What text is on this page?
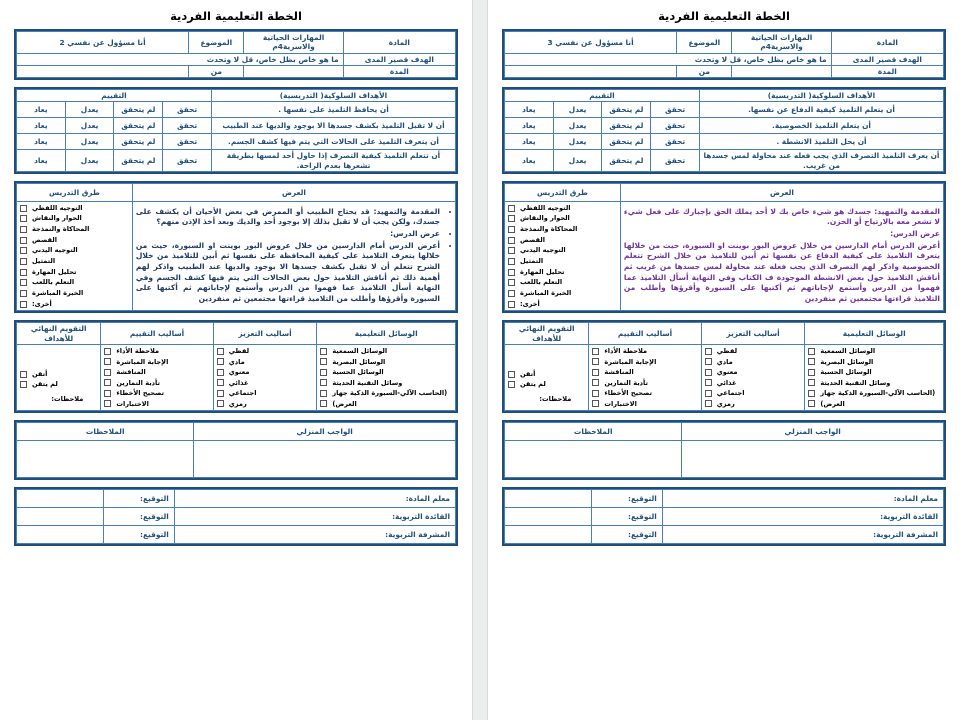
الخطة التعليمية الفردية
المادة	المهارات الحياتية والاسرية4م	الموضوع	أنا مسؤول عن نفسي 3
الهدف قصير المدى	ما هو خاص بظل خاص، قل لا وتحدث		
المدة		من	
الأهداف السلوكية( التدريسية)	التقييم			
أن يتعلم التلميذ كيفية الدفاع عن نفسها.	تحقق	لم يتحقق	يعدل	يعاد
أن يتعلم التلميذ الخصوصية.	تحقق	لم يتحقق	يعدل	يعاد
أن يحل التلميذ الانشطة .	تحقق	لم يتحقق	يعدل	يعاد
أن يعرف التلميذ التصرف الذي يجب فعله عند محاولة لمس جسدها من غريب.	تحقق	لم يتحقق	يعدل	يعاد
العرض	طرق التدريس

المقدمة والتمهيد: جسدك هو شيء خاص بك لا أحد يملك الحق بإجبارك على فعل شيء لا تشعر معه بالارتياح أو الحزن.

عرض الدرس:

أعرض الدرس أمام الدارسين من خلال عروض البور بوينت او السبورة، حيث من خلالها يتعرف التلاميذ على كيفية الدفاع عن نفسها ثم أبين للتلاميذ من خلال الشرح تتعلم الخصوصية واذكر لهم التصرف الذي يجب فعله عند محاولة لمس جسدها من غريب ثم أناقش التلاميذ حول بعض الانشطة الموجودة ف الكتاب وفي النهاية أسأل التلاميذ عما فهموا من الدرس وأستمع لإجاباتهم ثم أكتبها على السبورة وأقرؤها وأطلب من التلاميذ قراءتها مجتمعين ثم منفردين

التوجيه اللفظي
الحوار والنقاش
المحاكاة والنمذجة
القصص
التوجيه اليدني
التمثيل
تحليل المهارة
التعلم باللعب
الخبرة المباشرة
أخرى:
الوسائل التعليمية	أساليب التعزيز	أساليب التقييم	التقويم النهائي للأهداف

الوسائل السمعية
الوسائل البصرية
الوسائل الحسية
وسائل التقنية الحديثة
(الحاسب الآلي-السبورة الذكية جهاز
العرض)

لفظي
مادي
معنوي
غذائي
اجتماعي
رمزي

ملاحظة الأداء
الإجابة المباشرة
المناقشة
تأدية التمارين
تصحيح الأخطاء
الاختبارات

أتقن
لم يتقن
ملاحظات:
الواجب المنزلي	الملاحظات

معلم المادة:	التوقيع:	
القائدة التربوية:	التوقيع:	
المشرفة التربوية:	التوقيع:	
الخطة التعليمية الفردية
المادة	المهارات الحياتية والاسرية4م	الموضوع	أنا مسؤول عن نفسي 2
الهدف قصير المدى	ما هو خاص بظل خاص، قل لا وتحدث		
المدة		من	
الأهداف السلوكية( التدريسية)	التقييم			
أن يحافظ التلميذ على نفسها .	تحقق	لم يتحقق	يعدل	يعاد
أن لا تقبل التلميذ بكشف جسدها الا بوجود والديها عند الطبيب	تحقق	لم يتحقق	يعدل	يعاد
أن يتعرف التلميذ على الحالات التي يتم فيها كشف الجسم.	تحقق	لم يتحقق	يعدل	يعاد
أن تتعلم التلميذ كيفية التصرف إذا حاول أحد لمسها بطريقة تشعرها بعدم الراحة.	تحقق	لم يتحقق	يعدل	يعاد
العرض	طرق التدريس

• المقدمة والتمهيد: قد يحتاج الطبيب أو الممرض في بعض الأحيان أن يكشف على جسدك، ولكن يجب أن لا تقبل بذلك إلا بوجود أحد والديك وبعد أخذ الإذن منهم؟
• عرض الدرس:
• أعرض الدرس أمام الدارسين من خلال عروض البور بوينت او السبورة، حيث من خلالها يتعرف التلاميذ على كيفية المحافظة على نفسها ثم أبين للتلاميذ من خلال الشرح تتعلم أن لا تقبل بكشف جسدها الا بوجود والديها عند الطبيب واذكر لهم أهمية ذلك ثم أناقش التلاميذ حول بعض الحالات التي يتم فيها كشف الجسم وفي النهاية أسأل التلاميذ عما فهموا من الدرس وأستمع لإجاباتهم ثم أكتبها على السبورة وأقرؤها وأطلب من التلاميذ قراءتها مجتمعين ثم منفردين

التوجيه اللفظي
الحوار والنقاش
المحاكاة والنمذجة
القصص
التوجيه اليدني
التمثيل
تحليل المهارة
التعلم باللعب
الخبرة المباشرة
أخرى:
الوسائل التعليمية	أساليب التعزيز	أساليب التقييم	التقويم النهائي للأهداف

الوسائل السمعية
الوسائل البصرية
الوسائل الحسية
وسائل التقنية الحديثة
(الحاسب الآلي-السبورة الذكية جهاز
العرض)

لفظي
مادي
معنوي
غذائي
اجتماعي
رمزي

ملاحظة الأداء
الإجابة المباشرة
المناقشة
تأدية التمارين
تصحيح الأخطاء
الاختبارات

أتقن
لم يتقن
ملاحظات:
الواجب المنزلي	الملاحظات

معلم المادة:	التوقيع:	
القائدة التربوية:	التوقيع:	
المشرفة التربوية:	التوقيع:	
